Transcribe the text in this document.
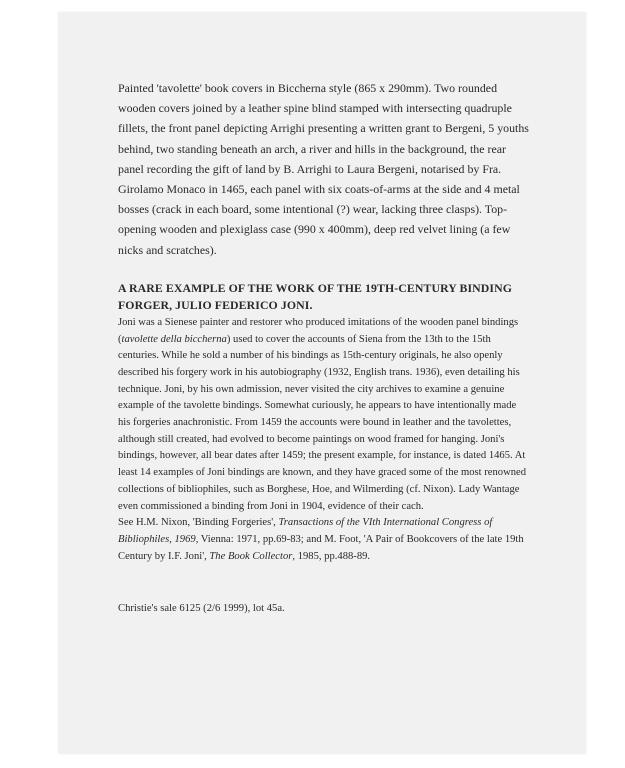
Painted 'tavolette' book covers in Biccherna style (865 x 290mm). Two rounded wooden covers joined by a leather spine blind stamped with intersecting quadruple fillets, the front panel depicting Arrighi presenting a written grant to Bergeni, 5 youths behind, two standing beneath an arch, a river and hills in the background, the rear panel recording the gift of land by B. Arrighi to Laura Bergeni, notarised by Fra. Girolamo Monaco in 1465, each panel with six coats-of-arms at the side and 4 metal bosses (crack in each board, some intentional (?) wear, lacking three clasps). Top-opening wooden and plexiglass case (990 x 400mm), deep red velvet lining (a few nicks and scratches).

A RARE EXAMPLE OF THE WORK OF THE 19TH-CENTURY BINDING FORGER, JULIO FEDERICO JONI.

Joni was a Sienese painter and restorer who produced imitations of the wooden panel bindings (tavolette della biccherna) used to cover the accounts of Siena from the 13th to the 15th centuries. While he sold a number of his bindings as 15th-century originals, he also openly described his forgery work in his autobiography (1932, English trans. 1936), even detailing his technique. Joni, by his own admission, never visited the city archives to examine a genuine example of the tavolette bindings. Somewhat curiously, he appears to have intentionally made his forgeries anachronistic. From 1459 the accounts were bound in leather and the tavolettes, although still created, had evolved to become paintings on wood framed for hanging. Joni's bindings, however, all bear dates after 1459; the present example, for instance, is dated 1465. At least 14 examples of Joni bindings are known, and they have graced some of the most renowned collections of bibliophiles, such as Borghese, Hoe, and Wilmerding (cf. Nixon). Lady Wantage even commissioned a binding from Joni in 1904, evidence of their cach.

See H.M. Nixon, 'Binding Forgeries', Transactions of the VIth International Congress of Bibliophiles, 1969, Vienna: 1971, pp.69-83; and M. Foot, 'A Pair of Bookcovers of the late 19th Century by I.F. Joni', The Book Collector, 1985, pp.488-89.

Christie's sale 6125 (2/6 1999), lot 45a.
